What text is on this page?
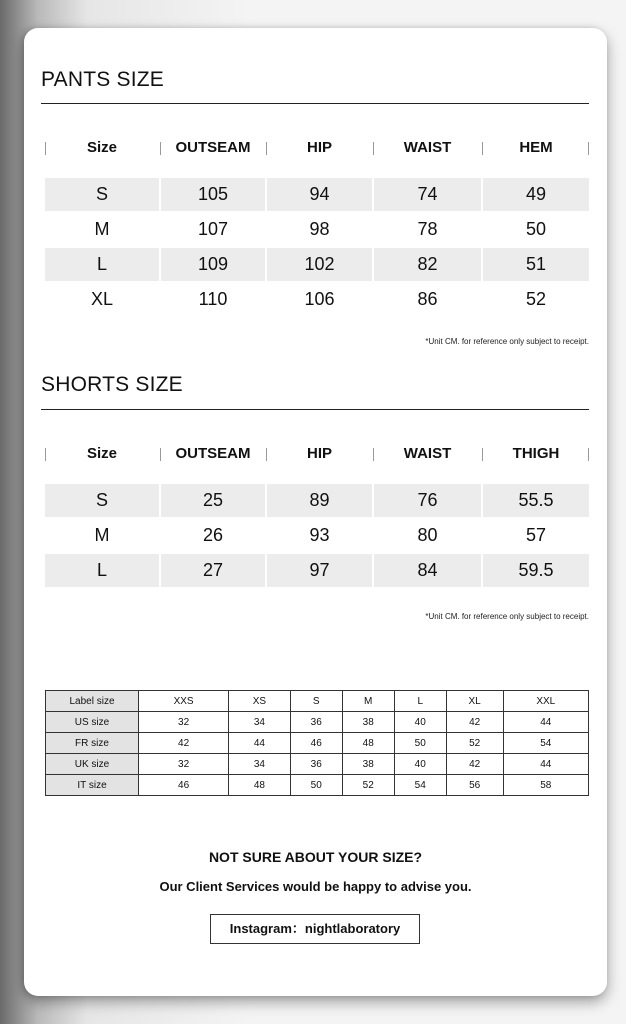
PANTS SIZE
Size	OUTSEAM	HIP	WAIST	HEM
S	105	94	74	49
M	107	98	78	50
L	109	102	82	51
XL	110	106	86	52
*Unit CM. for reference only subject to receipt.
SHORTS SIZE
Size	OUTSEAM	HIP	WAIST	THIGH
S	25	89	76	55.5
M	26	93	80	57
L	27	97	84	59.5
*Unit CM. for reference only subject to receipt.
Label size	XXS	XS	S	M	L	XL	XXL
US size	32	34	36	38	40	42	44
FR size	42	44	46	48	50	52	54
UK size	32	34	36	38	40	42	44
IT size	46	48	50	52	54	56	58
NOT SURE ABOUT YOUR SIZE?
Our Client Services would be happy to advise you.
Instagram：nightlaboratory
